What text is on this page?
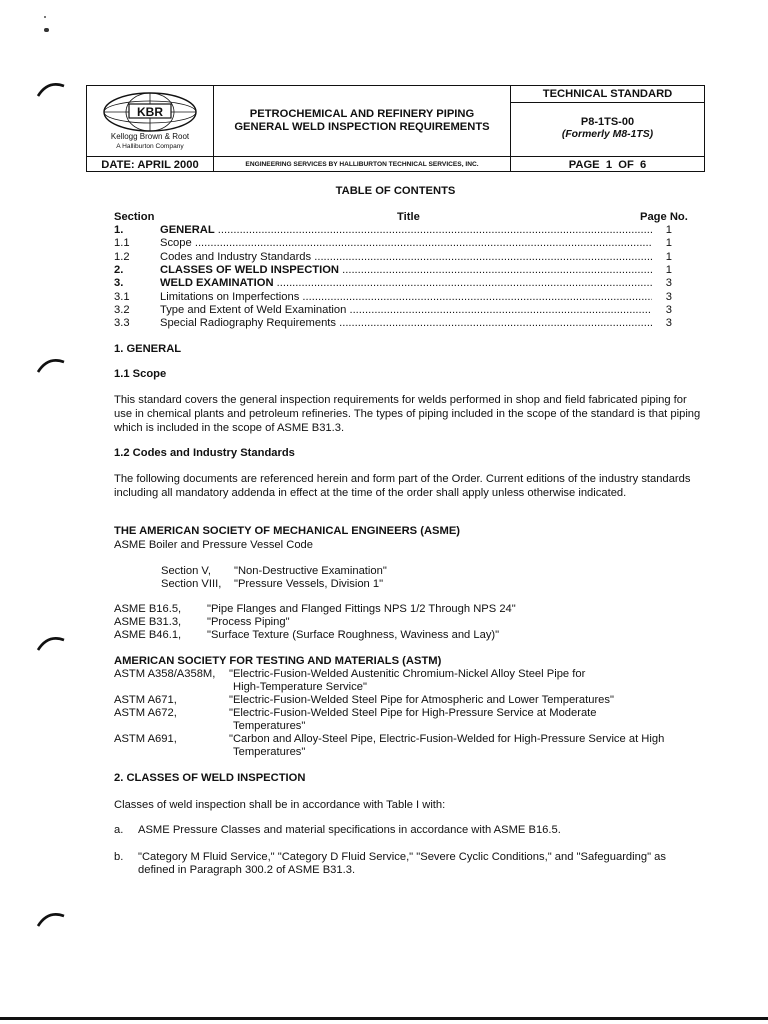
KBR
Kellogg Brown & Root
A Halliburton Company
PETROCHEMICAL AND REFINERY PIPING
GENERAL WELD INSPECTION REQUIREMENTS
TECHNICAL STANDARD
P8-1TS-00
(Formerly M8-1TS)
DATE: APRIL 2000	ENGINEERING SERVICES BY HALLIBURTON TECHNICAL SERVICES, INC.	PAGE  1  OF  6
TABLE OF CONTENTS
Section	Title	Page No.
1.	GENERAL .....	1
1.1	Scope .....	1
1.2	Codes and Industry Standards .....	1
2.	CLASSES OF WELD INSPECTION .....	1
3.	WELD EXAMINATION .....	3
3.1	Limitations on Imperfections .....	3
3.2	Type and Extent of Weld Examination .....	3
3.3	Special Radiography Requirements .....	3
1. GENERAL
1.1 Scope
This standard covers the general inspection requirements for welds performed in shop and field fabricated piping for use in chemical plants and petroleum refineries. The types of piping included in the scope of the standard is that piping which is included in the scope of ASME B31.3.
1.2 Codes and Industry Standards
The following documents are referenced herein and form part of the Order. Current editions of the industry standards including all mandatory addenda in effect at the time of the order shall apply unless otherwise indicated.
THE AMERICAN SOCIETY OF MECHANICAL ENGINEERS (ASME)
ASME Boiler and Pressure Vessel Code
Section V, "Non-Destructive Examination"
Section VIII, "Pressure Vessels, Division 1"
ASME B16.5, "Pipe Flanges and Flanged Fittings NPS 1/2 Through NPS 24"
ASME B31.3, "Process Piping"
ASME B46.1, "Surface Texture (Surface Roughness, Waviness and Lay)"
AMERICAN SOCIETY FOR TESTING AND MATERIALS (ASTM)
ASTM A358/A358M, "Electric-Fusion-Welded Austenitic Chromium-Nickel Alloy Steel Pipe for
High-Temperature Service"
ASTM A671,	"Electric-Fusion-Welded Steel Pipe for Atmospheric and Lower Temperatures"
ASTM A672,	"Electric-Fusion-Welded Steel Pipe for High-Pressure Service at Moderate
Temperatures"
ASTM A691,	"Carbon and Alloy-Steel Pipe, Electric-Fusion-Welded for High-Pressure Service at High
Temperatures"
2. CLASSES OF WELD INSPECTION
Classes of weld inspection shall be in accordance with Table I with:
a. ASME Pressure Classes and material specifications in accordance with ASME B16.5.
b. "Category M Fluid Service," "Category D Fluid Service," "Severe Cyclic Conditions," and "Safeguarding" as defined in Paragraph 300.2 of ASME B31.3.
